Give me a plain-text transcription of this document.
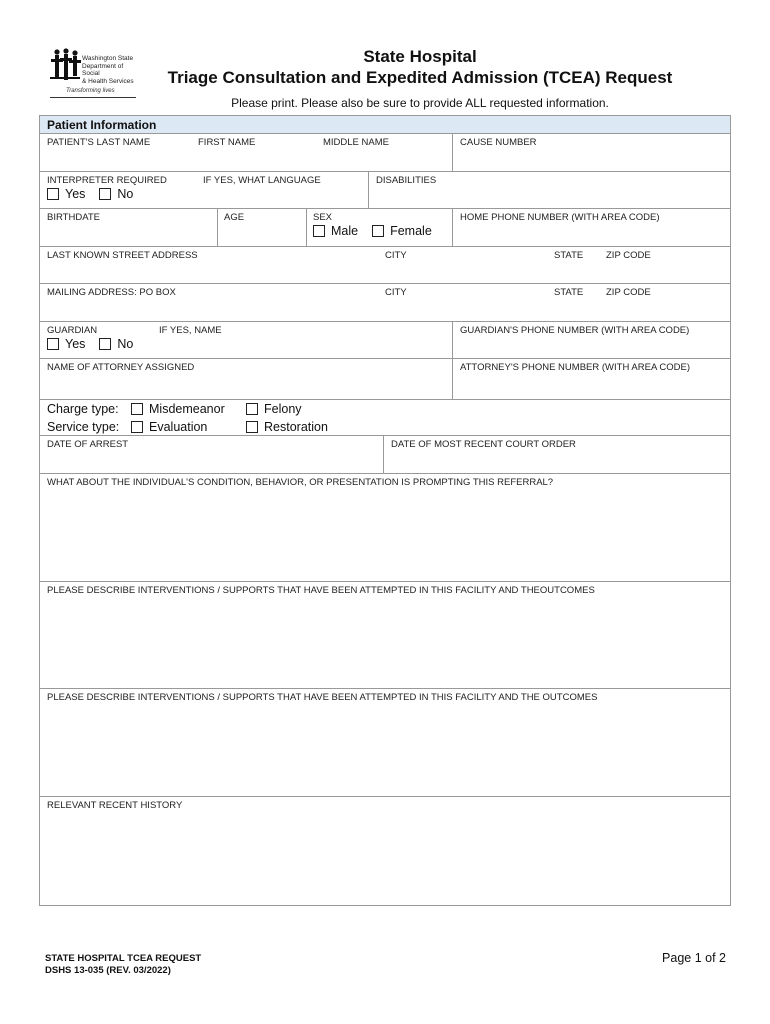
Washington State
Department of Social
& Health Services
Transforming lives
State Hospital
Triage Consultation and Expedited Admission (TCEA) Request
Please print. Please also be sure to provide ALL requested information.
Patient Information
PATIENT'S LAST NAME	FIRST NAME	MIDDLE NAME	CAUSE NUMBER
INTERPRETER REQUIRED	IF YES, WHAT LANGUAGE
Yes	No
DISABILITIES
BIRTHDATE	AGE	SEX
Male	Female
HOME PHONE NUMBER (WITH AREA CODE)
LAST KNOWN STREET ADDRESS	CITY	STATE ZIP CODE
MAILING ADDRESS: PO BOX	CITY	STATE ZIP CODE
GUARDIAN	IF YES, NAME
Yes	No
GUARDIAN'S PHONE NUMBER (WITH AREA CODE)
NAME OF ATTORNEY ASSIGNED	ATTORNEY'S PHONE NUMBER (WITH AREA CODE)
Charge type:	Misdemeanor	Felony
Service type:	Evaluation	Restoration
DATE OF ARREST	DATE OF MOST RECENT COURT ORDER
WHAT ABOUT THE INDIVIDUAL'S CONDITION, BEHAVIOR, OR PRESENTATION IS PROMPTING THIS REFERRAL?
PLEASE DESCRIBE INTERVENTIONS / SUPPORTS THAT HAVE BEEN ATTEMPTED IN THIS FACILITY AND THEOUTCOMES
PLEASE DESCRIBE INTERVENTIONS / SUPPORTS THAT HAVE BEEN ATTEMPTED IN THIS FACILITY AND THE OUTCOMES
RELEVANT RECENT HISTORY
STATE HOSPITAL TCEA REQUEST
DSHS 13-035 (REV. 03/2022)
Page 1 of 2
